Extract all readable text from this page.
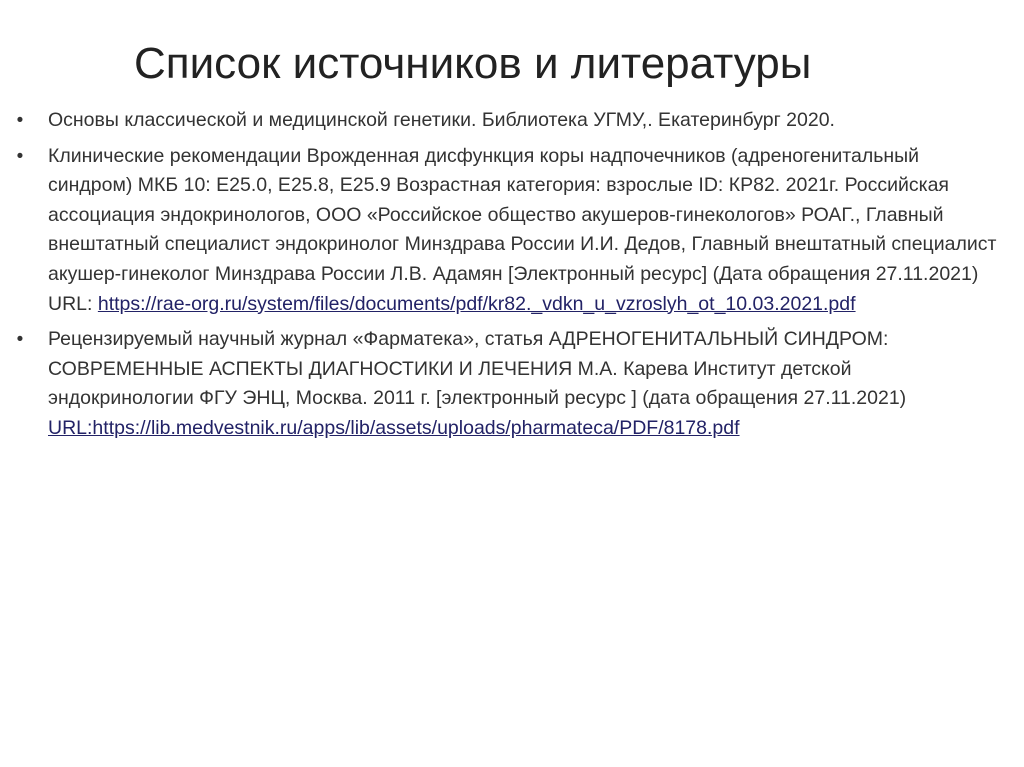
Список источников и литературы
•	Основы классической и медицинской генетики. Библиотека УГМУ,. Екатеринбург 2020.
•	Клинические рекомендации Врожденная дисфункция коры надпочечников (адреногенитальный синдром) МКБ 10: E25.0, E25.8, E25.9 Возрастная категория: взрослые ID: КР82. 2021г. Российская ассоциация эндокринологов, ООО «Российское общество акушеров-гинекологов» РОАГ., Главный внештатный специалист эндокринолог Минздрава России И.И. Дедов, Главный внештатный специалист акушер-гинеколог Минздрава России Л.В. Адамян [Электронный ресурс] (Дата обращения 27.11.2021) URL: https://rae-org.ru/system/files/documents/pdf/kr82._vdkn_u_vzroslyh_ot_10.03.2021.pdf
•	Рецензируемый научный журнал «Фарматека», статья АДРЕНОГЕНИТАЛЬНЫЙ СИНДРОМ: СОВРЕМЕННЫЕ АСПЕКТЫ ДИАГНОСТИКИ И ЛЕЧЕНИЯ М.А. Карева Институт детской эндокринологии ФГУ ЭНЦ, Москва. 2011 г. [электронный ресурс ] (дата обращения 27.11.2021) URL:https://lib.medvestnik.ru/apps/lib/assets/uploads/pharmateca/PDF/8178.pdf
